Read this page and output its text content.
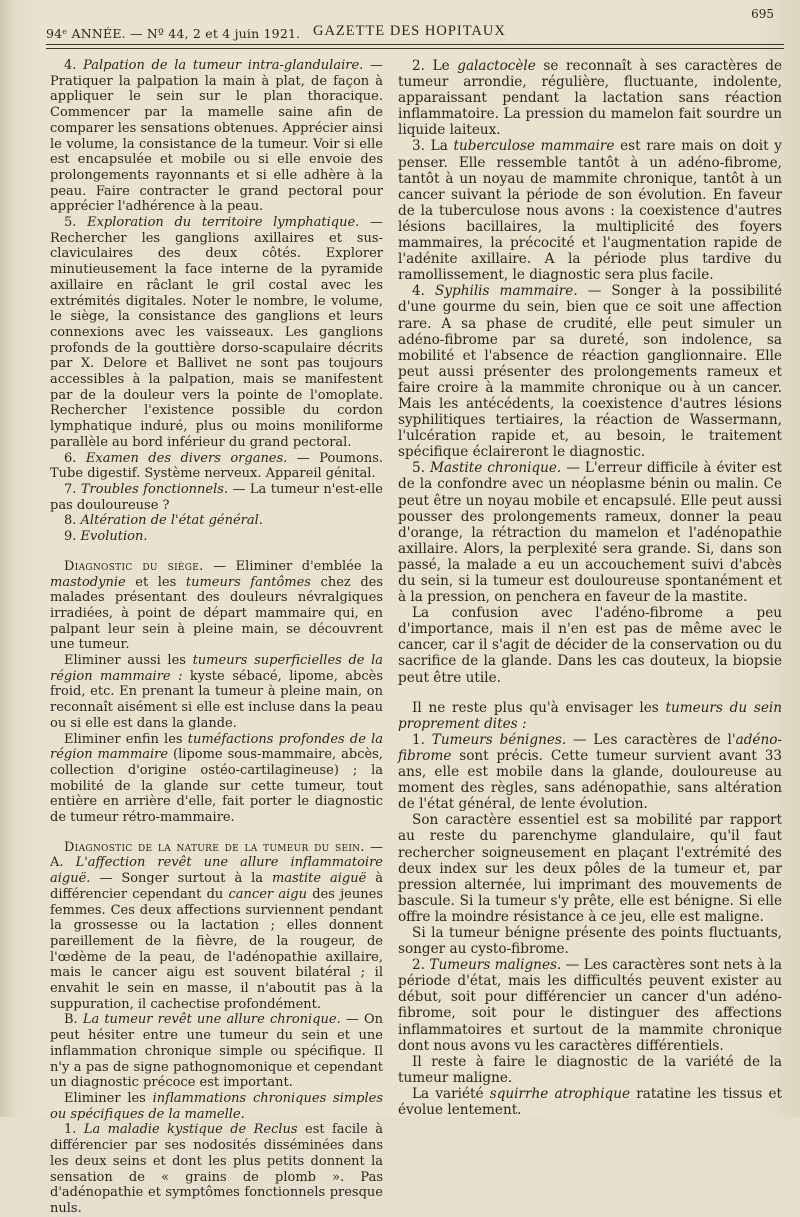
94ᵉ ANNÉE. — Nº 44, 2 et 4 juin 1921. GAZETTE DES HOPITAUX
695

4. Palpation de la tumeur intra-glandulaire. — Pratiquer la palpation la main à plat, de façon à appliquer le sein sur le plan thoracique. Commencer par la mamelle saine afin de comparer les sensations obtenues. Apprécier ainsi le volume, la consistance de la tumeur. Voir si elle est encapsulée et mobile ou si elle envoie des prolongements rayonnants et si elle adhère à la peau. Faire contracter le grand pectoral pour apprécier l'adhérence à la peau.

5. Exploration du territoire lymphatique. — Rechercher les ganglions axillaires et sus-claviculaires des deux côtés. Explorer minutieusement la face interne de la pyramide axillaire en râclant le gril costal avec les extrémités digitales. Noter le nombre, le volume, le siège, la consistance des ganglions et leurs connexions avec les vaisseaux. Les ganglions profonds de la gouttière dorso-scapulaire décrits par X. Delore et Ballivet ne sont pas toujours accessibles à la palpation, mais se manifestent par de la douleur vers la pointe de l'omoplate. Rechercher l'existence possible du cordon lymphatique induré, plus ou moins moniliforme parallèle au bord inférieur du grand pectoral.

6. Examen des divers organes. — Poumons. Tube digestif. Système nerveux. Appareil génital.

7. Troubles fonctionnels. — La tumeur n'est-elle pas douloureuse ?

8. Altération de l'état général.

9. Evolution.

Diagnostic du siège. — Eliminer d'emblée la mastodynie et les tumeurs fantômes chez des malades présentant des douleurs névralgiques irradiées, à point de départ mammaire qui, en palpant leur sein à pleine main, se découvrent une tumeur.

Eliminer aussi les tumeurs superficielles de la région mammaire : kyste sébacé, lipome, abcès froid, etc. En prenant la tumeur à pleine main, on reconnaît aisément si elle est incluse dans la peau ou si elle est dans la glande.

Eliminer enfin les tuméfactions profondes de la région mammaire (lipome sous-mammaire, abcès, collection d'origine ostéo-cartilagineuse) ; la mobilité de la glande sur cette tumeur, tout entière en arrière d'elle, fait porter le diagnostic de tumeur rétro-mammaire.

Diagnostic de la nature de la tumeur du sein. — A. L'affection revêt une allure inflammatoire aiguë. — Songer surtout à la mastite aiguë à différencier cependant du cancer aigu des jeunes femmes. Ces deux affections surviennent pendant la grossesse ou la lactation ; elles donnent pareillement de la fièvre, de la rougeur, de l'œdème de la peau, de l'adénopathie axillaire, mais le cancer aigu est souvent bilatéral ; il envahit le sein en masse, il n'aboutit pas à la suppuration, il cachectise profondément.

B. La tumeur revêt une allure chronique. — On peut hésiter entre une tumeur du sein et une inflammation chronique simple ou spécifique. Il n'y a pas de signe pathognomonique et cependant un diagnostic précoce est important.

Eliminer les inflammations chroniques simples ou spécifiques de la mamelle.

1. La maladie kystique de Reclus est facile à différencier par ses nodosités disséminées dans les deux seins et dont les plus petits donnent la sensation de « grains de plomb ». Pas d'adénopathie et symptômes fonctionnels presque nuls.

2. Le galactocèle se reconnaît à ses caractères de tumeur arrondie, régulière, fluctuante, indolente, apparaissant pendant la lactation sans réaction inflammatoire. La pression du mamelon fait sourdre un liquide laiteux.

3. La tuberculose mammaire est rare mais on doit y penser. Elle ressemble tantôt à un adéno-fibrome, tantôt à un noyau de mammite chronique, tantôt à un cancer suivant la période de son évolution. En faveur de la tuberculose nous avons : la coexistence d'autres lésions bacillaires, la multiplicité des foyers mammaires, la précocité et l'augmentation rapide de l'adénite axillaire. A la période plus tardive du ramollissement, le diagnostic sera plus facile.

4. Syphilis mammaire. — Songer à la possibilité d'une gourme du sein, bien que ce soit une affection rare. A sa phase de crudité, elle peut simuler un adéno-fibrome par sa dureté, son indolence, sa mobilité et l'absence de réaction ganglionnaire. Elle peut aussi présenter des prolongements rameux et faire croire à la mammite chronique ou à un cancer. Mais les antécédents, la coexistence d'autres lésions syphilitiques tertiaires, la réaction de Wassermann, l'ulcération rapide et, au besoin, le traitement spécifique éclaireront le diagnostic.

5. Mastite chronique. — L'erreur difficile à éviter est de la confondre avec un néoplasme bénin ou malin. Ce peut être un noyau mobile et encapsulé. Elle peut aussi pousser des prolongements rameux, donner la peau d'orange, la rétraction du mamelon et l'adénopathie axillaire. Alors, la perplexité sera grande. Si, dans son passé, la malade a eu un accouchement suivi d'abcès du sein, si la tumeur est douloureuse spontanément et à la pression, on penchera en faveur de la mastite.

La confusion avec l'adéno-fibrome a peu d'importance, mais il n'en est pas de même avec le cancer, car il s'agit de décider de la conservation ou du sacrifice de la glande. Dans les cas douteux, la biopsie peut être utile.

Il ne reste plus qu'à envisager les tumeurs du sein proprement dites :

1. Tumeurs bénignes. — Les caractères de l'adéno-fibrome sont précis. Cette tumeur survient avant 33 ans, elle est mobile dans la glande, douloureuse au moment des règles, sans adénopathie, sans altération de l'état général, de lente évolution.

Son caractère essentiel est sa mobilité par rapport au reste du parenchyme glandulaire, qu'il faut rechercher soigneusement en plaçant l'extrémité des deux index sur les deux pôles de la tumeur et, par pression alternée, lui imprimant des mouvements de bascule. Si la tumeur s'y prête, elle est bénigne. Si elle offre la moindre résistance à ce jeu, elle est maligne.

Si la tumeur bénigne présente des points fluctuants, songer au cysto-fibrome.

2. Tumeurs malignes. — Les caractères sont nets à la période d'état, mais les difficultés peuvent exister au début, soit pour différencier un cancer d'un adéno-fibrome, soit pour le distinguer des affections inflammatoires et surtout de la mammite chronique dont nous avons vu les caractères différentiels.

Il reste à faire le diagnostic de la variété de la tumeur maligne.

La variété squirrhe atrophique ratatine les tissus et évolue lentement.
